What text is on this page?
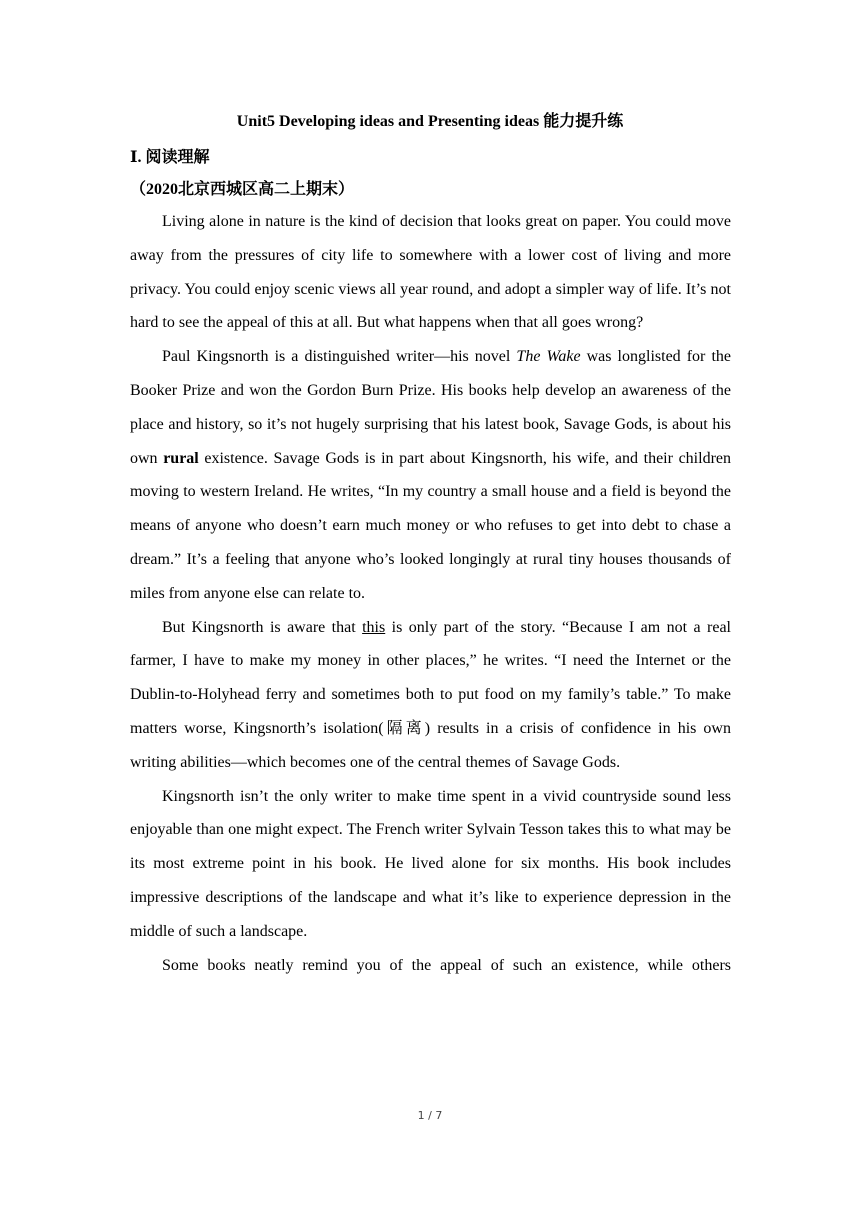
Unit5 Developing ideas and Presenting ideas 能力提升练
Ⅰ. 阅读理解
（2020北京西城区高二上期末）

Living alone in nature is the kind of decision that looks great on paper. You could move away from the pressures of city life to somewhere with a lower cost of living and more privacy. You could enjoy scenic views all year round, and adopt a simpler way of life. It’s not hard to see the appeal of this at all. But what happens when that all goes wrong?

Paul Kingsnorth is a distinguished writer—his novel The Wake was longlisted for the Booker Prize and won the Gordon Burn Prize. His books help develop an awareness of the place and history, so it’s not hugely surprising that his latest book, Savage Gods, is about his own rural existence. Savage Gods is in part about Kingsnorth, his wife, and their children moving to western Ireland. He writes, “In my country a small house and a field is beyond the means of anyone who doesn’t earn much money or who refuses to get into debt to chase a dream.” It’s a feeling that anyone who’s looked longingly at rural tiny houses thousands of miles from anyone else can relate to.

But Kingsnorth is aware that this is only part of the story. “Because I am not a real farmer, I have to make my money in other places,” he writes. “I need the Internet or the Dublin-to-Holyhead ferry and sometimes both to put food on my family’s table.” To make matters worse, Kingsnorth’s isolation(隔离) results in a crisis of confidence in his own writing abilities—which becomes one of the central themes of Savage Gods.

Kingsnorth isn’t the only writer to make time spent in a vivid countryside sound less enjoyable than one might expect. The French writer Sylvain Tesson takes this to what may be its most extreme point in his book. He lived alone for six months. His book includes impressive descriptions of the landscape and what it’s like to experience depression in the middle of such a landscape.

Some books neatly remind you of the appeal of such an existence, while others

1 / 7
